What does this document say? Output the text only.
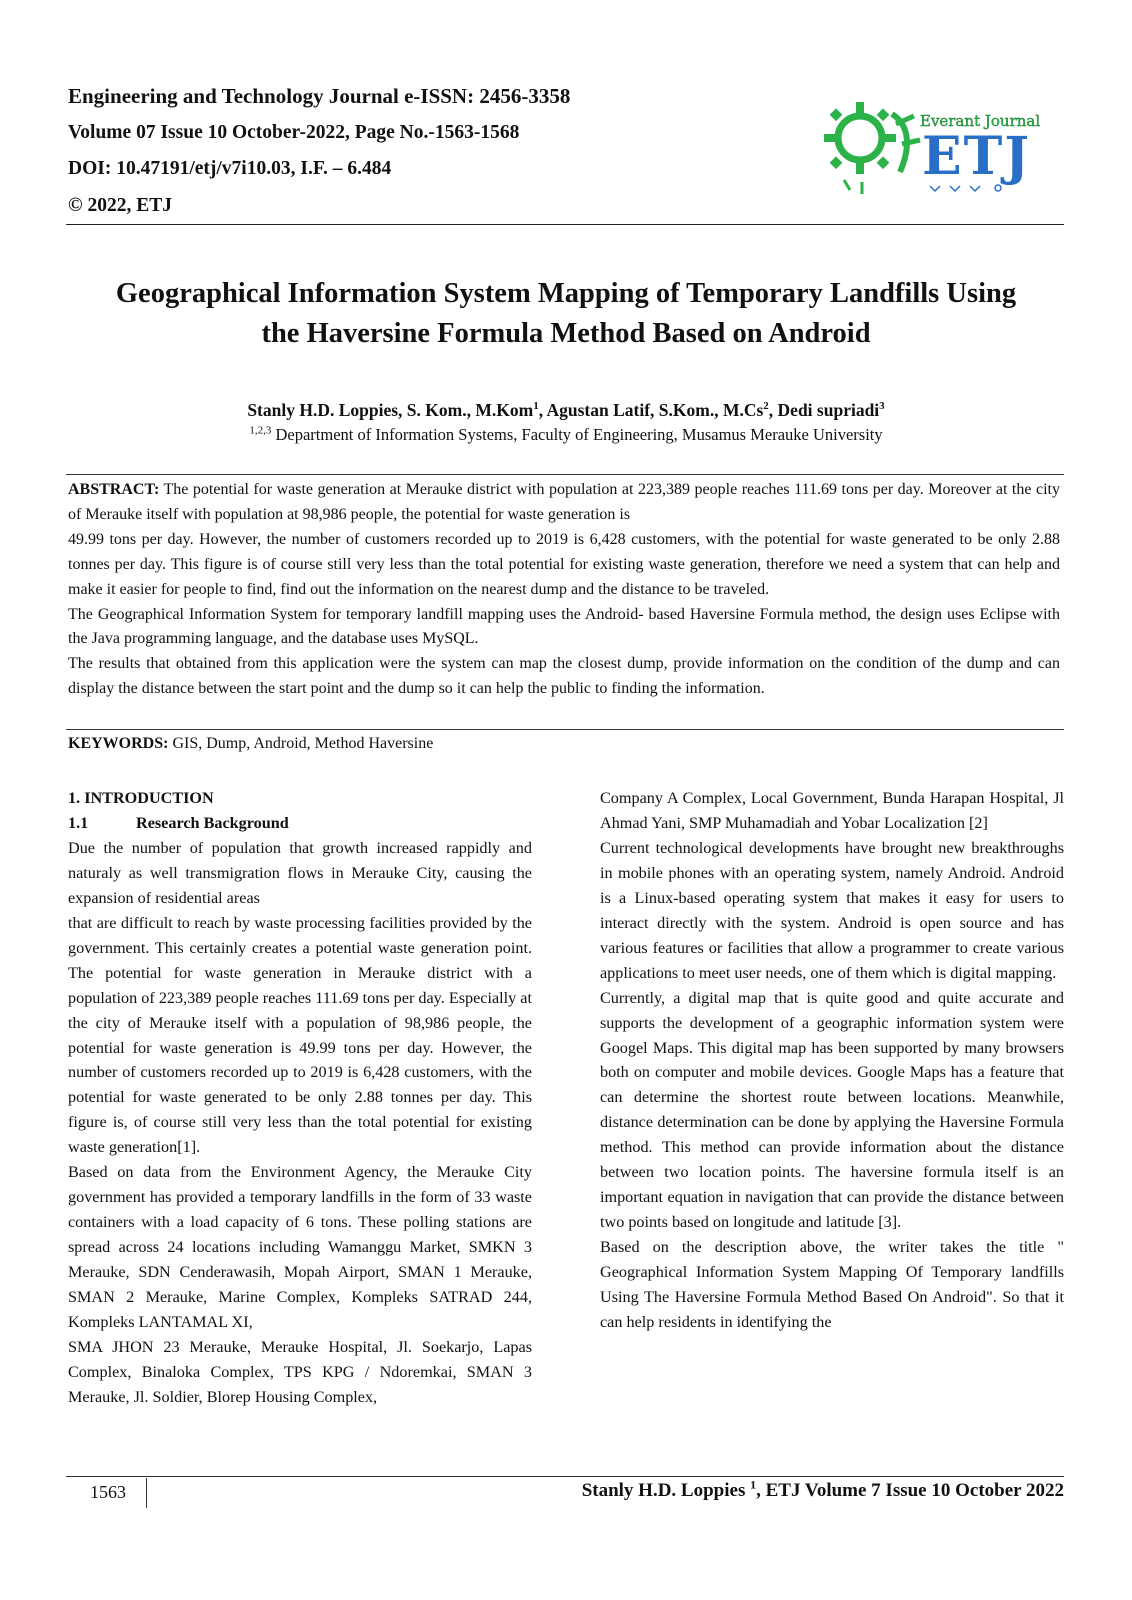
Engineering and Technology Journal e-ISSN: 2456-3358
Volume 07 Issue 10 October-2022, Page No.-1563-1568
DOI: 10.47191/etj/v7i10.03, I.F. – 6.484
© 2022, ETJ
Everant Journal
ETJ
Geographical Information System Mapping of Temporary Landfills Using
the Haversine Formula Method Based on Android
Stanly H.D. Loppies, S. Kom., M.Kom$^1$, Agustan Latif, S.Kom., M.Cs$^2$, Dedi supriadi$^3$
$^{1,2,3}$ Department of Information Systems, Faculty of Engineering, Musamus Merauke University

ABSTRACT: The potential for waste generation at Merauke district with population at 223,389 people reaches 111.69 tons per day. Moreover at the city of Merauke itself with population at 98,986 people, the potential for waste generation is

49.99 tons per day. However, the number of customers recorded up to 2019 is 6,428 customers, with the potential for waste generated to be only 2.88 tonnes per day. This figure is of course still very less than the total potential for existing waste generation, therefore we need a system that can help and make it easier for people to find, find out the information on the nearest dump and the distance to be traveled.

The Geographical Information System for temporary landfill mapping uses the Android- based Haversine Formula method, the design uses Eclipse with the Java programming language, and the database uses MySQL.

The results that obtained from this application were the system can map the closest dump, provide information on the condition of the dump and can display the distance between the start point and the dump so it can help the public to finding the information.

KEYWORDS: GIS, Dump, Android, Method Haversine

1. INTRODUCTION

1.1	Research Background

Due the number of population that growth increased rappidly and naturaly as well transmigration flows in Merauke City, causing the expansion of residential areas

that are difficult to reach by waste processing facilities provided by the government. This certainly creates a potential waste generation point. The potential for waste generation in Merauke district with a population of 223,389 people reaches 111.69 tons per day. Especially at the city of Merauke itself with a population of 98,986 people, the potential for waste generation is 49.99 tons per day. However, the number of customers recorded up to 2019 is 6,428 customers, with the potential for waste generated to be only 2.88 tonnes per day. This figure is, of course still very less than the total potential for existing waste generation[1].

Based on data from the Environment Agency, the Merauke City government has provided a temporary landfills in the form of 33 waste containers with a load capacity of 6 tons. These polling stations are spread across 24 locations including Wamanggu Market, SMKN 3 Merauke, SDN Cenderawasih, Mopah Airport, SMAN 1 Merauke, SMAN 2 Merauke, Marine Complex, Kompleks SATRAD 244, Kompleks LANTAMAL XI,

SMA JHON 23 Merauke, Merauke Hospital, Jl. Soekarjo, Lapas Complex, Binaloka Complex, TPS KPG / Ndoremkai, SMAN 3 Merauke, Jl. Soldier, Blorep Housing Complex,

Company A Complex, Local Government, Bunda Harapan Hospital, Jl Ahmad Yani, SMP Muhamadiah and Yobar Localization [2]

Current technological developments have brought new breakthroughs in mobile phones with an operating system, namely Android. Android is a Linux-based operating system that makes it easy for users to interact directly with the system. Android is open source and has various features or facilities that allow a programmer to create various applications to meet user needs, one of them which is digital mapping.

Currently, a digital map that is quite good and quite accurate and supports the development of a geographic information system were Googel Maps. This digital map has been supported by many browsers both on computer and mobile devices. Google Maps has a feature that can determine the shortest route between locations. Meanwhile, distance determination can be done by applying the Haversine Formula method. This method can provide information about the distance between two location points. The haversine formula itself is an important equation in navigation that can provide the distance between two points based on longitude and latitude [3].

Based on the description above, the writer takes the title " Geographical Information System Mapping Of Temporary landfills Using The Haversine Formula Method Based On Android". So that it can help residents in identifying the

1563	Stanly H.D. Loppies $^1$, ETJ Volume 7 Issue 10 October 2022
